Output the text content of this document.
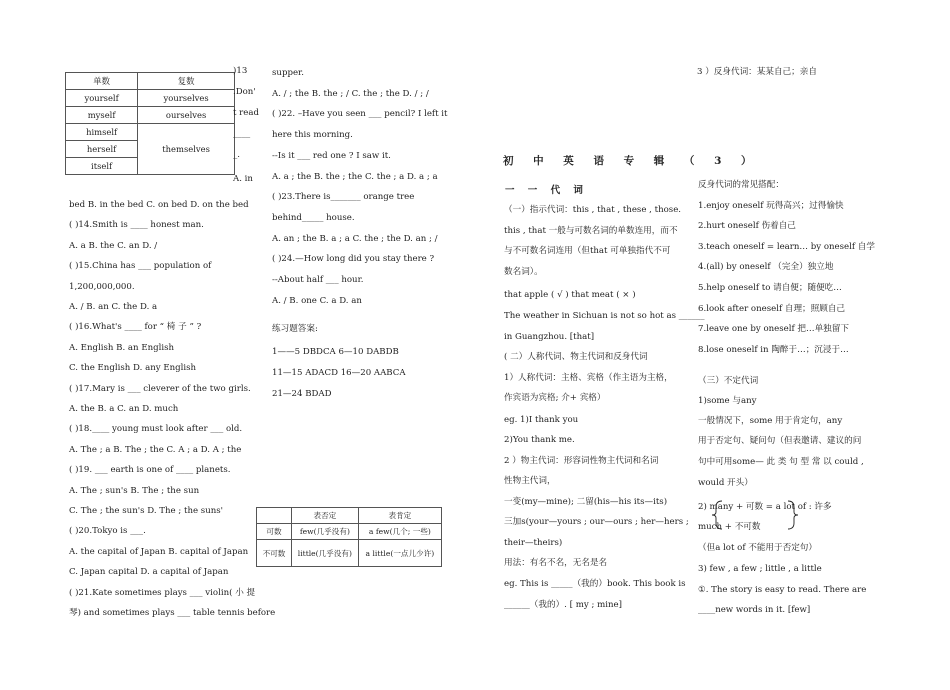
单数	复数
yourself	yourselves
myself	ourselves
himself	themselves
herself	
itself	
)13
.Don'
t read
____
_.
A. in
bed B. in the bed C. on bed D. on the bed
( )14.Smith is ____ honest man.
A. a B. the C. an D. /
( )15.China has ___ population of
1,200,000,000.
A. / B. an C. the D. a
( )16.What's ____ for “ 椅 子 ” ?
A. English B. an English
C. the English D. any English
( )17.Mary is ___ cleverer of the two girls.
A. the B. a C. an D. much
( )18.____ young must look after ___ old.
A. The ; a B. The ; the C. A ; a D. A ; the
( )19. ___ earth is one of ____ planets.
A. The ; sun's B. The ; the sun
C. The ; the sun's D. The ; the suns'
( )20.Tokyo is ___.
A. the capital of Japan B. capital of Japan
C. Japan capital D. a capital of Japan
( )21.Kate sometimes plays ___ violin( 小 提
琴) and sometimes plays ___ table tennis before
supper.
A. / ; the B. the ; / C. the ; the D. / ; /
( )22. –Have you seen ___ pencil? I left it
here this morning.
--Is it ___ red one ? I saw it.
A. a ; the B. the ; the C. the ; a D. a ; a
( )23.There is_______ orange tree
behind_____ house.
A. an ; the B. a ; a C. the ; the D. an ; /
( )24.—How long did you stay there ?
--About half ___ hour.
A. / B. one C. a D. an
练习题答案:
1——5 DBDCA 6—10 DABDB
11—15 ADACD 16—20 AABCA
21—24 BDAD
	表否定	表肯定
可数	few(几乎没有)	a few(几个; 一些)
不可数	little(几乎没有)	a little(一点儿少许)
初 中 英 语 专 辑 （ 3 ）
一 一 代 词
（一）指示代词：this , that , these , those.
this , that 一般与可数名词的单数连用，而不
与不可数名词连用（但that 可单独指代不可
数名词）。
that apple ( √ ) that meat ( × )
The weather in Sichuan is not so hot as ______
in Guangzhou. [that]
( 二）人称代词、物主代词和反身代词
1）人称代词：主格、宾格（作主语为主格，
作宾语为宾格; 介+ 宾格）
eg. 1)I thank you
2)You thank me.
2 ）物主代词：形容词性物主代词和名词
性物主代词，
一变(my—mine); 二留(his—his its—its)
三加s(your—yours ; our—ours ; her—hers ;
their—theirs)
用法：有名不名，无名是名
eg. This is _____（我的）book. This book is
______（我的）. [ my ; mine]
3 ）反身代词：某某自己；亲自
反身代词的常见搭配：
1.enjoy oneself 玩得高兴；过得愉快
2.hurt oneself 伤着自己
3.teach oneself = learn… by oneself 自学
4.(all) by oneself （完全）独立地
5.help oneself to 请自便；随便吃…
6.look after oneself 自理；照顾自己
7.leave one by oneself 把…单独留下
8.lose oneself in 陶醉于…；沉浸于…
（三）不定代词
1)some 与any
一般情况下，some 用于肯定句，any
用于否定句、疑问句（但表邀请、建议的问
句中可用some— 此 类 句 型 常 以 could ,
would 开头）
2) many + 可数 = a lot of : 许多
much + 不可数
（但a lot of 不能用于否定句）
3) few , a few ; little , a little
①. The story is easy to read. There are
____new words in it. [few]
